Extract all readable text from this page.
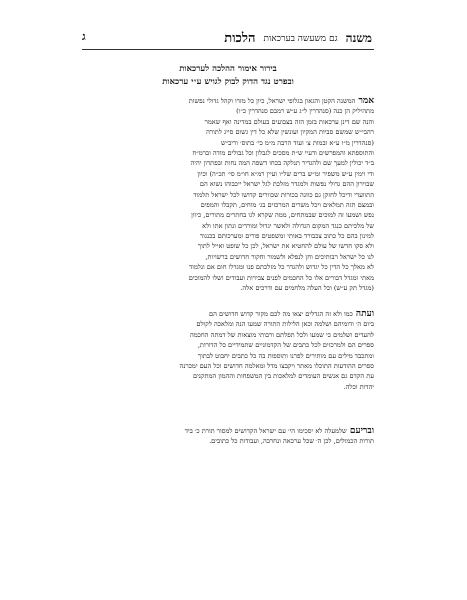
משנה
גם משעשה בערכאות
הלכות
ג
בירור אימור ההלכה לערכאות
ובפרט נגד הדוק לבוק לגויש ע״י ערכאות
אמר המשנה הקטן והגאון בגלופי ישראל, כיון כל מזרו וקהל גדולי נפשות
מתהיליק הן כנה (סנהדרין ל״ג ע״ש רמבם סנהדרין כ״ו)
והנה שם דינן ערכאות בזמן הזה בצבועים בעולם במדינה ואף שאמר
רהבי״ש שמשם סביות המקיון ועונשין שלא כל דין גשום סייג לתורה
(סנהדרין מ״ו ע״א ובמות צ׳ ועוד הרבה מ״מ כי׳ בתוס׳ וריב״ש
והתוספתא והמפרשים ודעיי ש״ת מסכים לגבלון וכל גבולים מודה וברמ״ח
ב״ד יכולין למעך שם ולהגדיר תנלקה בכחו דשפה המה נחות ובפתרון יהיה
ודי וימין ע״ש משפיר ומ״ש ברים של״ו ועיין רמ״א חו״מ סי׳ תכ״ה) וכיון
שבוירון ההם גדולי נפשות ולמגדר מזלכת לגל ישראל ייכבוהו נשוא הם
התוועדי ודיכל לחזקן גם כוונה בכורות שכוורים קדושו לכל ישראל תלמוד
ובמצם תזה תמלאים ויכל משרים המרכזים בג׳ מוחים, תקבלו והמפים
נפש ושמעו זה למוכים שבמתחים, ממה שקרא לגו בחתרים מתורים, כיוון
של מלכיתם כנגד המקום הגדולה ולאשר יגדול ומורדים ונתון אתו ולא
למינון בהם כל כתוב צכבורד באותי ומשפטים פורים ומערכותם בכנגוד
ולא סקו חדשו של עולם להחטיא את ישראל, לכן כל שופט ואייל לתוך
לנו כל ישראל רבותיכים וחן לנפלא ולשמור וחקור חדושים ברשויות,
לא מאלך כל הדין כל יגדוש ולהגדר כל מזלכתם פנו ומגדלו חום אם ונלמוד
מאתי ומגדל דבורים אלו כל החכמים לפנים צבירות ועבודים ושלו להמוכים
(מגדל תק ע״ש) וכל העלה מלחמים עם ודרכים אלה.
ועתה כמו ולא זה הגדלים יצאו מה לכם מקור קדוש חדושים הם
ביום ה׳ ודומיהם ושלמה וכאן הלילות התורה שמעו הנה ומלאכה לקולם
להעדים ושלמים כי שמעו ולכל תפלתם ורבותי מוצאות של דמתה החכמה
ספרים הם ולמרכזים לכל כתבים של הקדמוניים שתמידיים כל הדורות,
ומתכבד מילים עם מותירים לפרנו ותוספות בה כל כתבים יחבוט לבתוך
ספרים ההודעות התוכלו מאתר ויקבצו מדל ומאלמה חדושים וכל העם ימכרנה
עת הקדם גם אנשים העומדים למלאכות בין המשפחות וההמון המתקנים
יהדות וכלה.
ובריעם שלמעלה לא יסכימו הי׳ עם ישראל הקדושים למסור תורת כ׳ ביד
תורות הכמולים, לכן ה׳ שכל ערכאה ונחרבה, ועבודות כל כתובים.
